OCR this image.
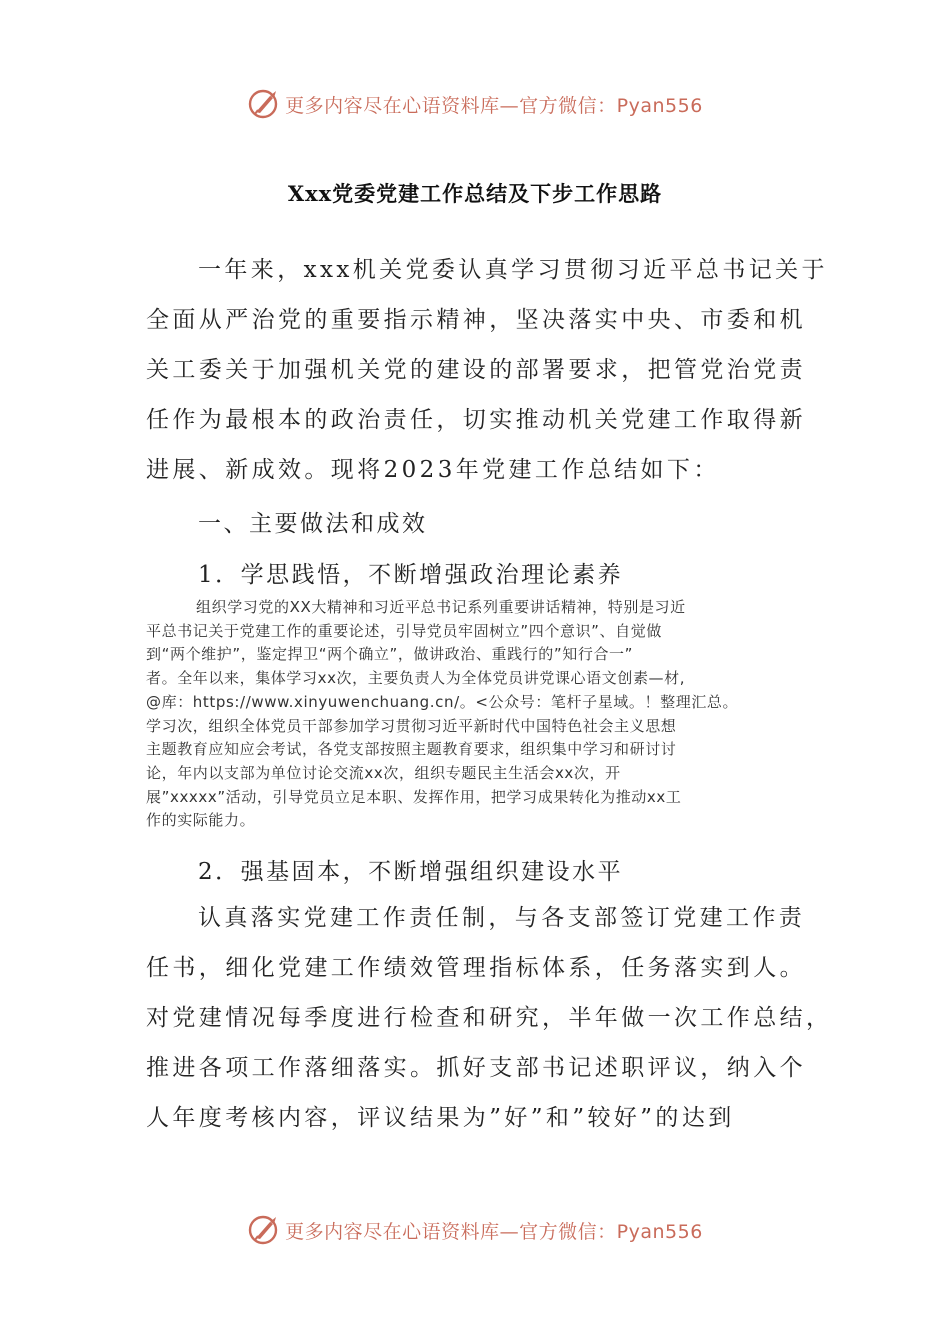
更多内容尽在心语资料库—官方微信：Pyan556
Xxx党委党建工作总结及下步工作思路
一年来，xxx机关党委认真学习贯彻习近平总书记关于
全面从严治党的重要指示精神，坚决落实中央、市委和机
关工委关于加强机关党的建设的部署要求，把管党治党责
任作为最根本的政治责任，切实推动机关党建工作取得新
进展、新成效。现将2023年党建工作总结如下：
一、主要做法和成效
1．学思践悟，不断增强政治理论素养
组织学习党的XX大精神和习近平总书记系列重要讲话精神，特别是习近
平总书记关于党建工作的重要论述，引导党员牢固树立”四个意识”、自觉做
到“两个维护”，鉴定捍卫“两个确立”，做讲政治、重践行的”知行合一”
者。全年以来，集体学习xx次，主要负责人为全体党员讲党课心语文创素—材,
@库：https://www.xinyuwenchuang.cn/。<公众号：笔杆子星域。！整理汇总。
学习次，组织全体党员干部参加学习贯彻习近平新时代中国特色社会主义思想
主题教育应知应会考试，各党支部按照主题教育要求，组织集中学习和研讨讨
论，年内以支部为单位讨论交流xx次，组织专题民主生活会xx次，开
展”xxxxx”活动，引导党员立足本职、发挥作用，把学习成果转化为推动xx工
作的实际能力。
2．强基固本，不断增强组织建设水平
认真落实党建工作责任制，与各支部签订党建工作责
任书，细化党建工作绩效管理指标体系，任务落实到人。
对党建情况每季度进行检查和研究，半年做一次工作总结，
推进各项工作落细落实。抓好支部书记述职评议，纳入个
人年度考核内容，评议结果为”好”和”较好”的达到
更多内容尽在心语资料库—官方微信：Pyan556
